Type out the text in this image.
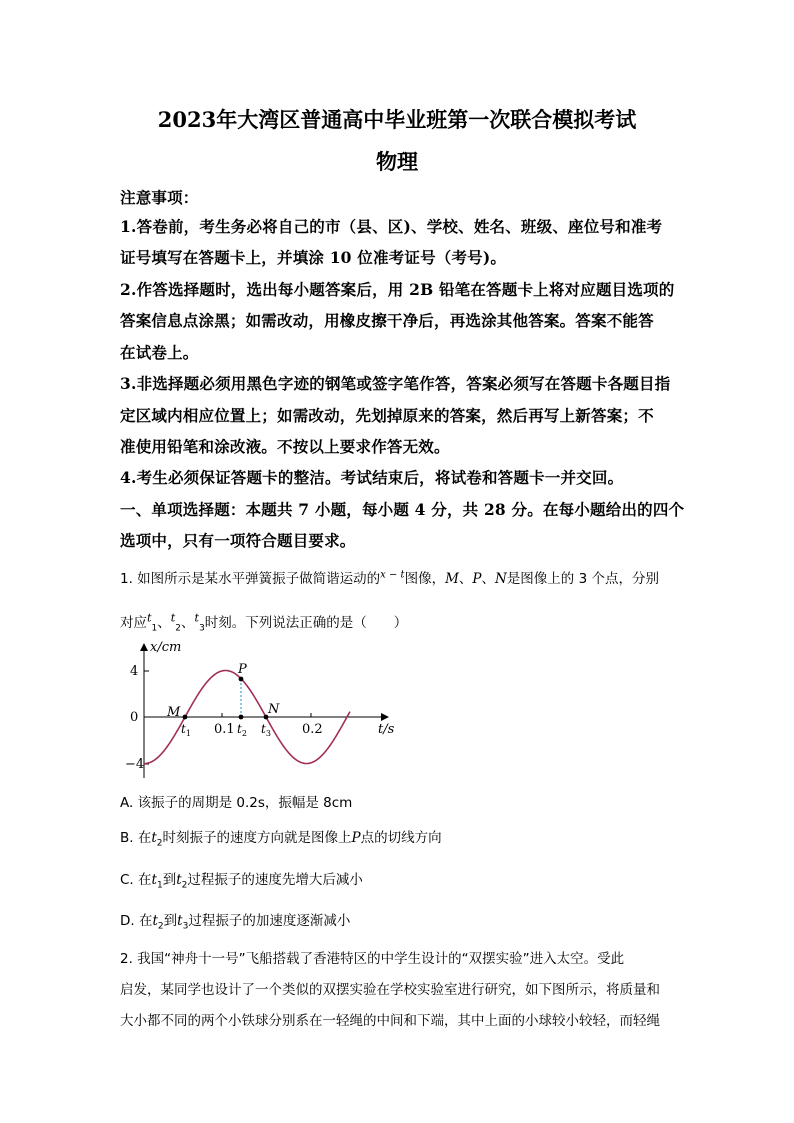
2023年大湾区普通高中毕业班第一次联合模拟考试
物理
注意事项：
1.答卷前，考生务必将自己的市（县、区)、学校、姓名、班级、座位号和准考
证号填写在答题卡上，并填涂 10 位准考证号（考号)。
2.作答选择题时，选出每小题答案后，用 2B 铅笔在答题卡上将对应题目选项的
答案信息点涂黑；如需改动，用橡皮擦干净后，再选涂其他答案。答案不能答
在试卷上。
3.非选择题必须用黑色字迹的钢笔或签字笔作答，答案必须写在答题卡各题目指
定区域内相应位置上；如需改动，先划掉原来的答案，然后再写上新答案；不
准使用铅笔和涂改液。不按以上要求作答无效。
4.考生必须保证答题卡的整洁。考试结束后，将试卷和答题卡一并交回。
一、单项选择题：本题共 7 小题，每小题 4 分，共 28 分。在每小题给出的四个
选项中，只有一项符合题目要求。
1. 如图所示是某水平弹簧振子做简谐运动的$^{x - t}$图像，M、P、N是图像上的 3 个点，分别
对应$^t_1$、$^t_2$、$^t_3$时刻。下列说法正确的是（　　）
x/cm
4
0
−4
0.1	0.2	t/s
M
P
N
$t_1$	$t_2$ $t_3$
A. 该振子的周期是 0.2s，振幅是 8cm
B. 在$t_2$时刻振子的速度方向就是图像上P点的切线方向
C. 在$t_1$到$t_2$过程振子的速度先增大后减小
D. 在$t_2$到$t_3$过程振子的加速度逐渐减小
2. 我国“神舟十一号”飞船搭载了香港特区的中学生设计的“双摆实验”进入太空。受此
启发，某同学也设计了一个类似的双摆实验在学校实验室进行研究，如下图所示，将质量和
大小都不同的两个小铁球分别系在一轻绳的中间和下端，其中上面的小球较小较轻，而轻绳
